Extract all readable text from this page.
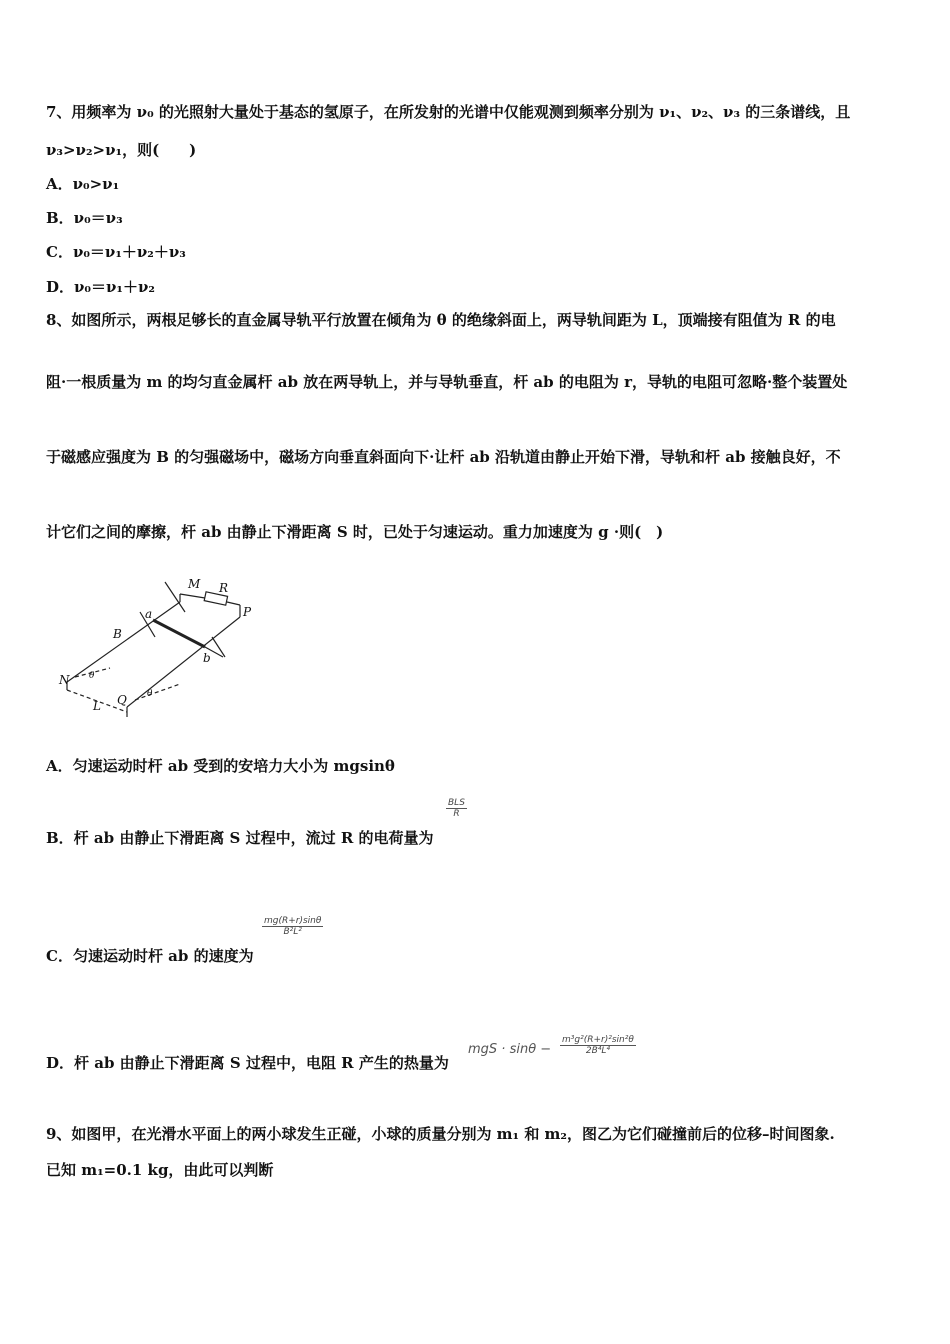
7、用频率为 ν₀ 的光照射大量处于基态的氢原子，在所发射的光谱中仅能观测到频率分别为 ν₁、ν₂、ν₃ 的三条谱线，且
ν₃>ν₂>ν₁，则(　　)
A．ν₀>ν₁
B．ν₀＝ν₃
C．ν₀＝ν₁＋ν₂＋ν₃
D．ν₀＝ν₁＋ν₂
8、如图所示，两根足够长的直金属导轨平行放置在倾角为 θ 的绝缘斜面上，两导轨间距为 L，顶端接有阻值为 R 的电
阻·一根质量为 m 的均匀直金属杆 ab 放在两导轨上，并与导轨垂直，杆 ab 的电阻为 r，导轨的电阻可忽略·整个装置处
于磁感应强度为 B 的匀强磁场中，磁场方向垂直斜面向下·让杆 ab 沿轨道由静止开始下滑，导轨和杆 ab 接触良好，不
计它们之间的摩擦，杆 ab 由静止下滑距离 S 时，已处于匀速运动。重力加速度为 g ·则(　)
M R
P
a
B
b
N
Q
L
θ
θ
A．匀速运动时杆 ab 受到的安培力大小为 mgsinθ
B．杆 ab 由静止下滑距离 S 过程中，流过 R 的电荷量为
BLS
R
C．匀速运动时杆 ab 的速度为
$\frac{mg(R+r)\sin\theta}{\text{B²L²}}$
D．杆 ab 由静止下滑距离 S 过程中，电阻 R 产生的热量为
mgS · $\sin\theta - \frac{\text{m³g²(R+r)²sin²θ}}{\text{2B⁴L⁴}}$
9、如图甲，在光滑水平面上的两小球发生正碰，小球的质量分别为 m₁ 和 m₂，图乙为它们碰撞前后的位移–时间图象.
已知 m₁=0.1 kg，由此可以判断
